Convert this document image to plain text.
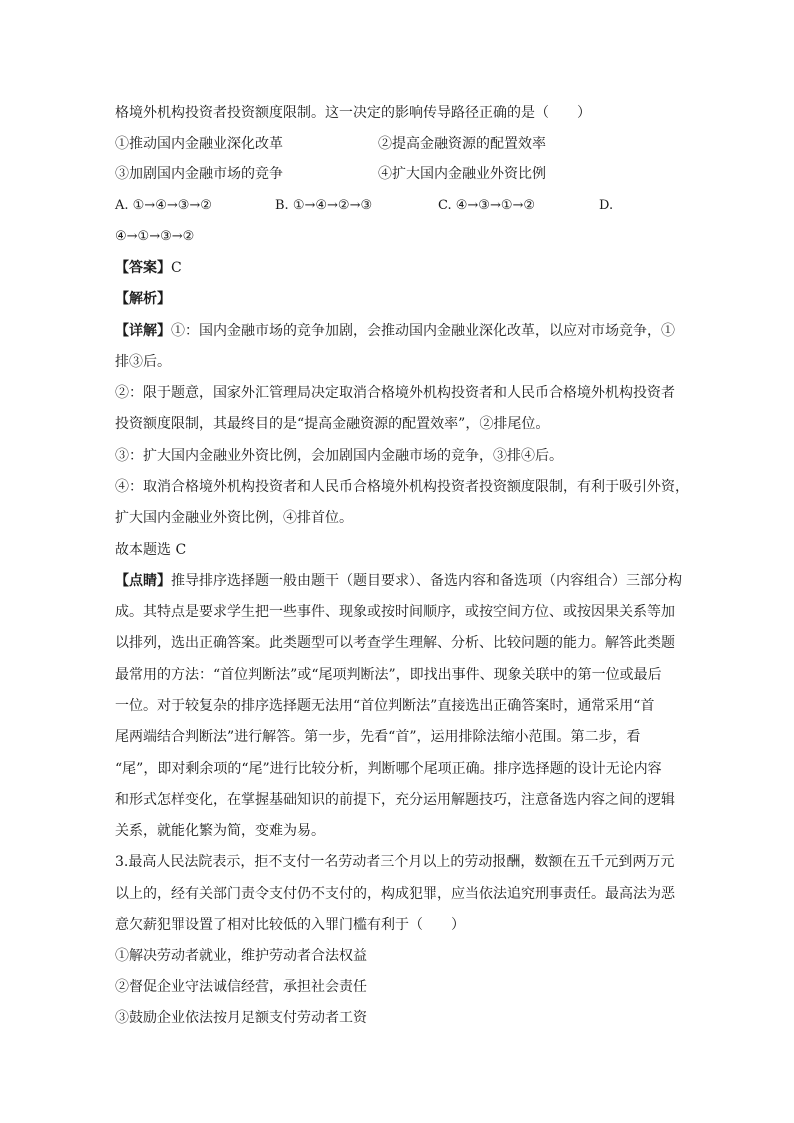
格境外机构投资者投资额度限制。这一决定的影响传导路径正确的是（　　）
①推动国内金融业深化改革	②提高金融资源的配置效率
③加剧国内金融市场的竞争	④扩大国内金融业外资比例
A. ①→④→③→②	B. ①→④→②→③	C. ④→③→①→②	D.
④→①→③→②
【答案】C
【解析】
【详解】①：国内金融市场的竞争加剧，会推动国内金融业深化改革，以应对市场竞争，①
排③后。
②：限于题意，国家外汇管理局决定取消合格境外机构投资者和人民币合格境外机构投资者
投资额度限制，其最终目的是“提高金融资源的配置效率”，②排尾位。
③：扩大国内金融业外资比例，会加剧国内金融市场的竞争，③排④后。
④：取消合格境外机构投资者和人民币合格境外机构投资者投资额度限制，有利于吸引外资，
扩大国内金融业外资比例，④排首位。
故本题选 C
【点睛】推导排序选择题一般由题干（题目要求）、备选内容和备选项（内容组合）三部分构
成。其特点是要求学生把一些事件、现象或按时间顺序，或按空间方位、或按因果关系等加
以排列，选出正确答案。此类题型可以考查学生理解、分析、比较问题的能力。解答此类题
最常用的方法：“首位判断法”或“尾项判断法”，即找出事件、现象关联中的第一位或最后
一位。对于较复杂的排序选择题无法用“首位判断法”直接选出正确答案时，通常采用“首
尾两端结合判断法”进行解答。第一步，先看“首”，运用排除法缩小范围。第二步，看
“尾”，即对剩余项的“尾”进行比较分析，判断哪个尾项正确。排序选择题的设计无论内容
和形式怎样变化，在掌握基础知识的前提下，充分运用解题技巧，注意备选内容之间的逻辑
关系，就能化繁为简，变难为易。
3.最高人民法院表示，拒不支付一名劳动者三个月以上的劳动报酬，数额在五千元到两万元
以上的，经有关部门责令支付仍不支付的，构成犯罪，应当依法追究刑事责任。最高法为恶
意欠薪犯罪设置了相对比较低的入罪门槛有利于（　　）
①解决劳动者就业，维护劳动者合法权益
②督促企业守法诚信经营，承担社会责任
③鼓励企业依法按月足额支付劳动者工资
